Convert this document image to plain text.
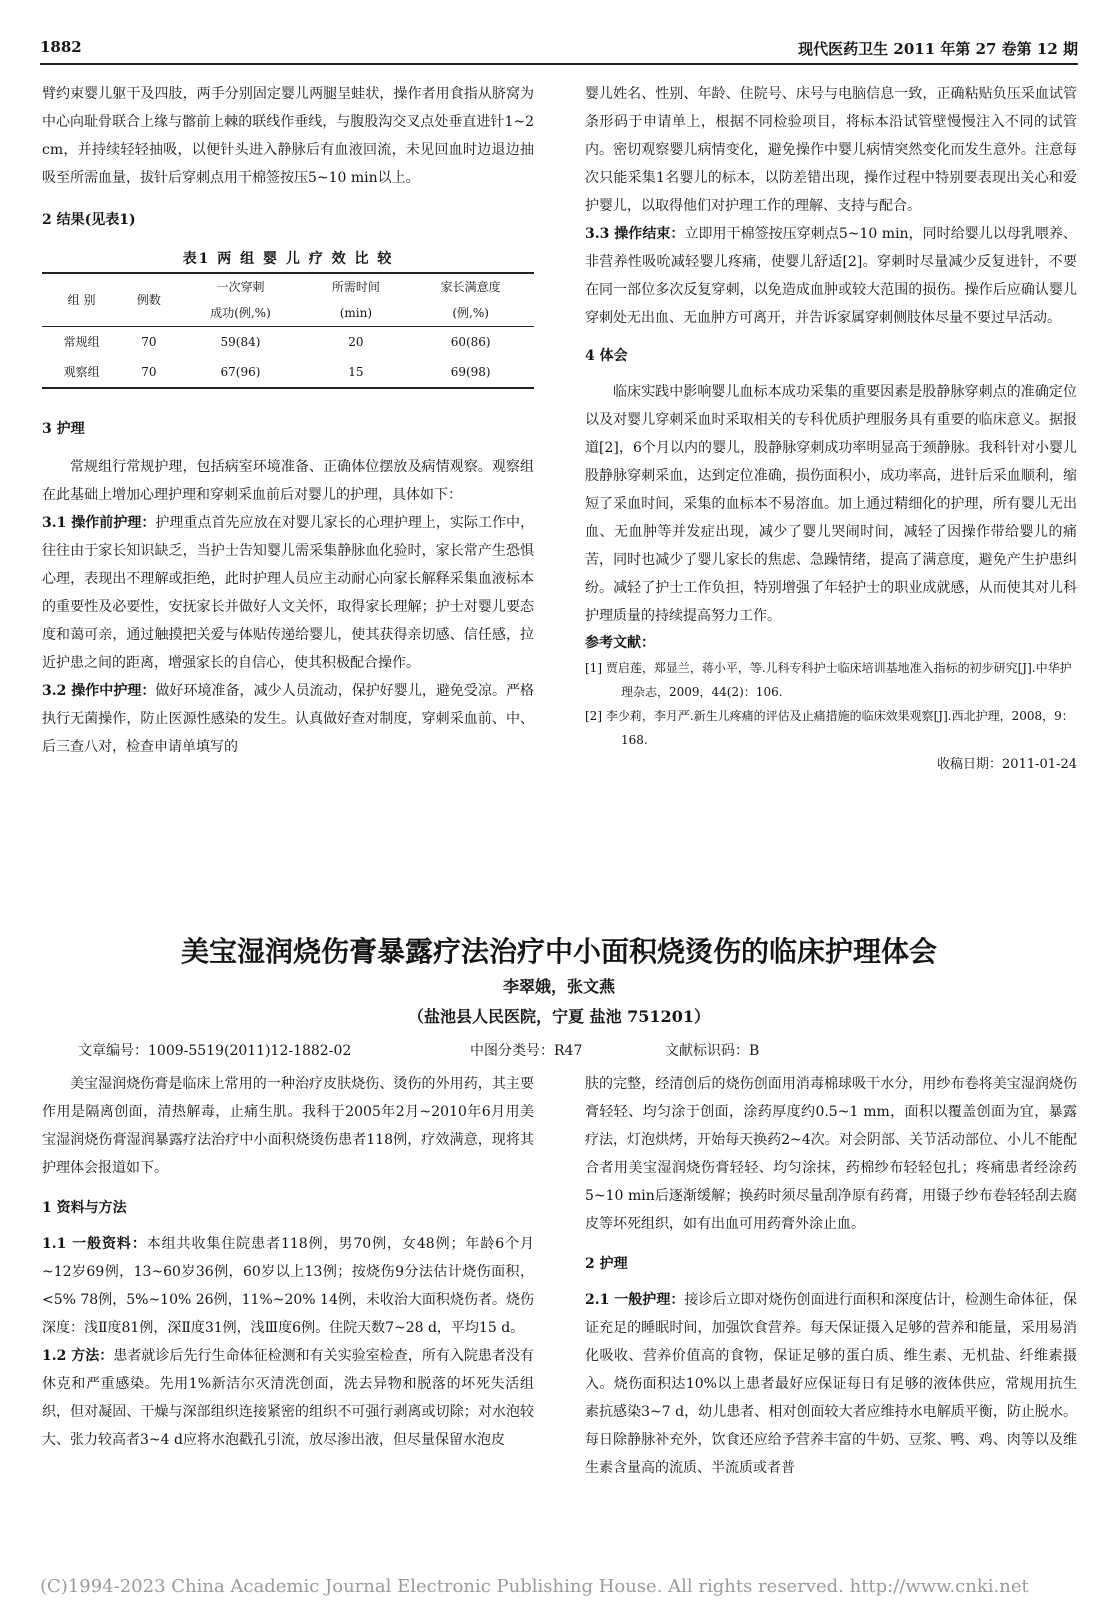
1882	现代医药卫生 2011 年第 27 卷第 12 期

臂约束婴儿躯干及四肢，两手分别固定婴儿两腿呈蛙状，操作者用食指从脐窝为中心向耻骨联合上缘与髂前上棘的联线作垂线，与腹股沟交叉点处垂直进针1~2 cm，并持续轻轻抽吸，以便针头进入静脉后有血液回流，未见回血时边退边抽吸至所需血量，拔针后穿刺点用干棉签按压5~10 min以上。

2 结果(见表1)

表1 两 组 婴 儿 疗 效 比 较

组 别	例数	一次穿刺	所需时间	家长满意度
		成功(例,%)	(min)	(例,%)
常规组	70	59(84)	20	60(86)
观察组	70	67(96)	15	69(98)

3 护理

常规组行常规护理，包括病室环境准备、正确体位摆放及病情观察。观察组在此基础上增加心理护理和穿刺采血前后对婴儿的护理，具体如下：

3.1 操作前护理：护理重点首先应放在对婴儿家长的心理护理上，实际工作中，往往由于家长知识缺乏，当护士告知婴儿需采集静脉血化验时，家长常产生恐惧心理，表现出不理解或拒绝，此时护理人员应主动耐心向家长解释采集血液标本的重要性及必要性，安抚家长并做好人文关怀，取得家长理解；护士对婴儿要态度和蔼可亲，通过触摸把关爱与体贴传递给婴儿，使其获得亲切感、信任感，拉近护患之间的距离，增强家长的自信心，使其积极配合操作。

3.2 操作中护理：做好环境准备，减少人员流动，保护好婴儿，避免受凉。严格执行无菌操作，防止医源性感染的发生。认真做好查对制度，穿刺采血前、中、后三查八对，检查申请单填写的

婴儿姓名、性别、年龄、住院号、床号与电脑信息一致，正确粘贴负压采血试管条形码于申请单上，根据不同检验项目，将标本沿试管壁慢慢注入不同的试管内。密切观察婴儿病情变化，避免操作中婴儿病情突然变化而发生意外。注意每次只能采集1名婴儿的标本，以防差错出现，操作过程中特别要表现出关心和爱护婴儿，以取得他们对护理工作的理解、支持与配合。

3.3 操作结束：立即用干棉签按压穿刺点5~10 min，同时给婴儿以母乳喂养、非营养性吸吮减轻婴儿疼痛，使婴儿舒适[2]。穿刺时尽量减少反复进针，不要在同一部位多次反复穿刺，以免造成血肿或较大范围的损伤。操作后应确认婴儿穿刺处无出血、无血肿方可离开，并告诉家属穿刺侧肢体尽量不要过早活动。

4 体会

临床实践中影响婴儿血标本成功采集的重要因素是股静脉穿刺点的准确定位以及对婴儿穿刺采血时采取相关的专科优质护理服务具有重要的临床意义。据报道[2]，6个月以内的婴儿，股静脉穿刺成功率明显高于颈静脉。我科针对小婴儿股静脉穿刺采血，达到定位准确，损伤面积小，成功率高，进针后采血顺利，缩短了采血时间，采集的血标本不易溶血。加上通过精细化的护理，所有婴儿无出血、无血肿等并发症出现，减少了婴儿哭闹时间，减轻了因操作带给婴儿的痛苦，同时也减少了婴儿家长的焦虑、急躁情绪，提高了满意度，避免产生护患纠纷。减轻了护士工作负担，特别增强了年轻护士的职业成就感，从而使其对儿科护理质量的持续提高努力工作。

参考文献：

[1] 贾启莲，郑显兰，蒋小平，等.儿科专科护士临床培训基地准入指标的初步研究[J].中华护理杂志，2009，44(2)：106.

[2] 李少莉，李月严.新生儿疼痛的评估及止痛措施的临床效果观察[J].西北护理，2008，9：168.

收稿日期：2011-01-24

美宝湿润烧伤膏暴露疗法治疗中小面积烧烫伤的临床护理体会

李翠娥，张文燕

（盐池县人民医院，宁夏 盐池 751201）

文章编号：1009-5519(2011)12-1882-02	中图分类号：R47	文献标识码：B

美宝湿润烧伤膏是临床上常用的一种治疗皮肤烧伤、烫伤的外用药，其主要作用是隔离创面，清热解毒，止痛生肌。我科于2005年2月~2010年6月用美宝湿润烧伤膏湿润暴露疗法治疗中小面积烧烫伤患者118例，疗效满意，现将其护理体会报道如下。

1 资料与方法

1.1 一般资料：本组共收集住院患者118例，男70例，女48例；年龄6个月~12岁69例，13~60岁36例，60岁以上13例；按烧伤9分法估计烧伤面积，<5% 78例，5%~10% 26例，11%~20% 14例，未收治大面积烧伤者。烧伤深度：浅Ⅱ度81例，深Ⅱ度31例，浅Ⅲ度6例。住院天数7~28 d，平均15 d。

1.2 方法：患者就诊后先行生命体征检测和有关实验室检查，所有入院患者没有休克和严重感染。先用1%新洁尔灭清洗创面，洗去异物和脱落的坏死失活组织，但对凝固、干燥与深部组织连接紧密的组织不可强行剥离或切除；对水泡较大、张力较高者3~4 d应将水泡戳孔引流，放尽渗出液，但尽量保留水泡皮

肤的完整，经清创后的烧伤创面用消毒棉球吸干水分，用纱布卷将美宝湿润烧伤膏轻轻、均匀涂于创面，涂药厚度约0.5~1 mm，面积以覆盖创面为宜，暴露疗法，灯泡烘烤，开始每天换药2~4次。对会阴部、关节活动部位、小儿不能配合者用美宝湿润烧伤膏轻轻、均匀涂抹，药棉纱布轻轻包扎；疼痛患者经涂药5~10 min后逐渐缓解；换药时须尽量刮净原有药膏，用镊子纱布卷轻轻刮去腐皮等坏死组织，如有出血可用药膏外涂止血。

2 护理

2.1 一般护理：接诊后立即对烧伤创面进行面积和深度估计，检测生命体征，保证充足的睡眠时间，加强饮食营养。每天保证摄入足够的营养和能量，采用易消化吸收、营养价值高的食物，保证足够的蛋白质、维生素、无机盐、纤维素摄入。烧伤面积达10%以上患者最好应保证每日有足够的液体供应，常规用抗生素抗感染3~7 d，幼儿患者、相对创面较大者应维持水电解质平衡，防止脱水。每日除静脉补充外，饮食还应给予营养丰富的牛奶、豆浆、鸭、鸡、肉等以及维生素含量高的流质、半流质或者普

(C)1994-2023 China Academic Journal Electronic Publishing House. All rights reserved. http://www.cnki.net
